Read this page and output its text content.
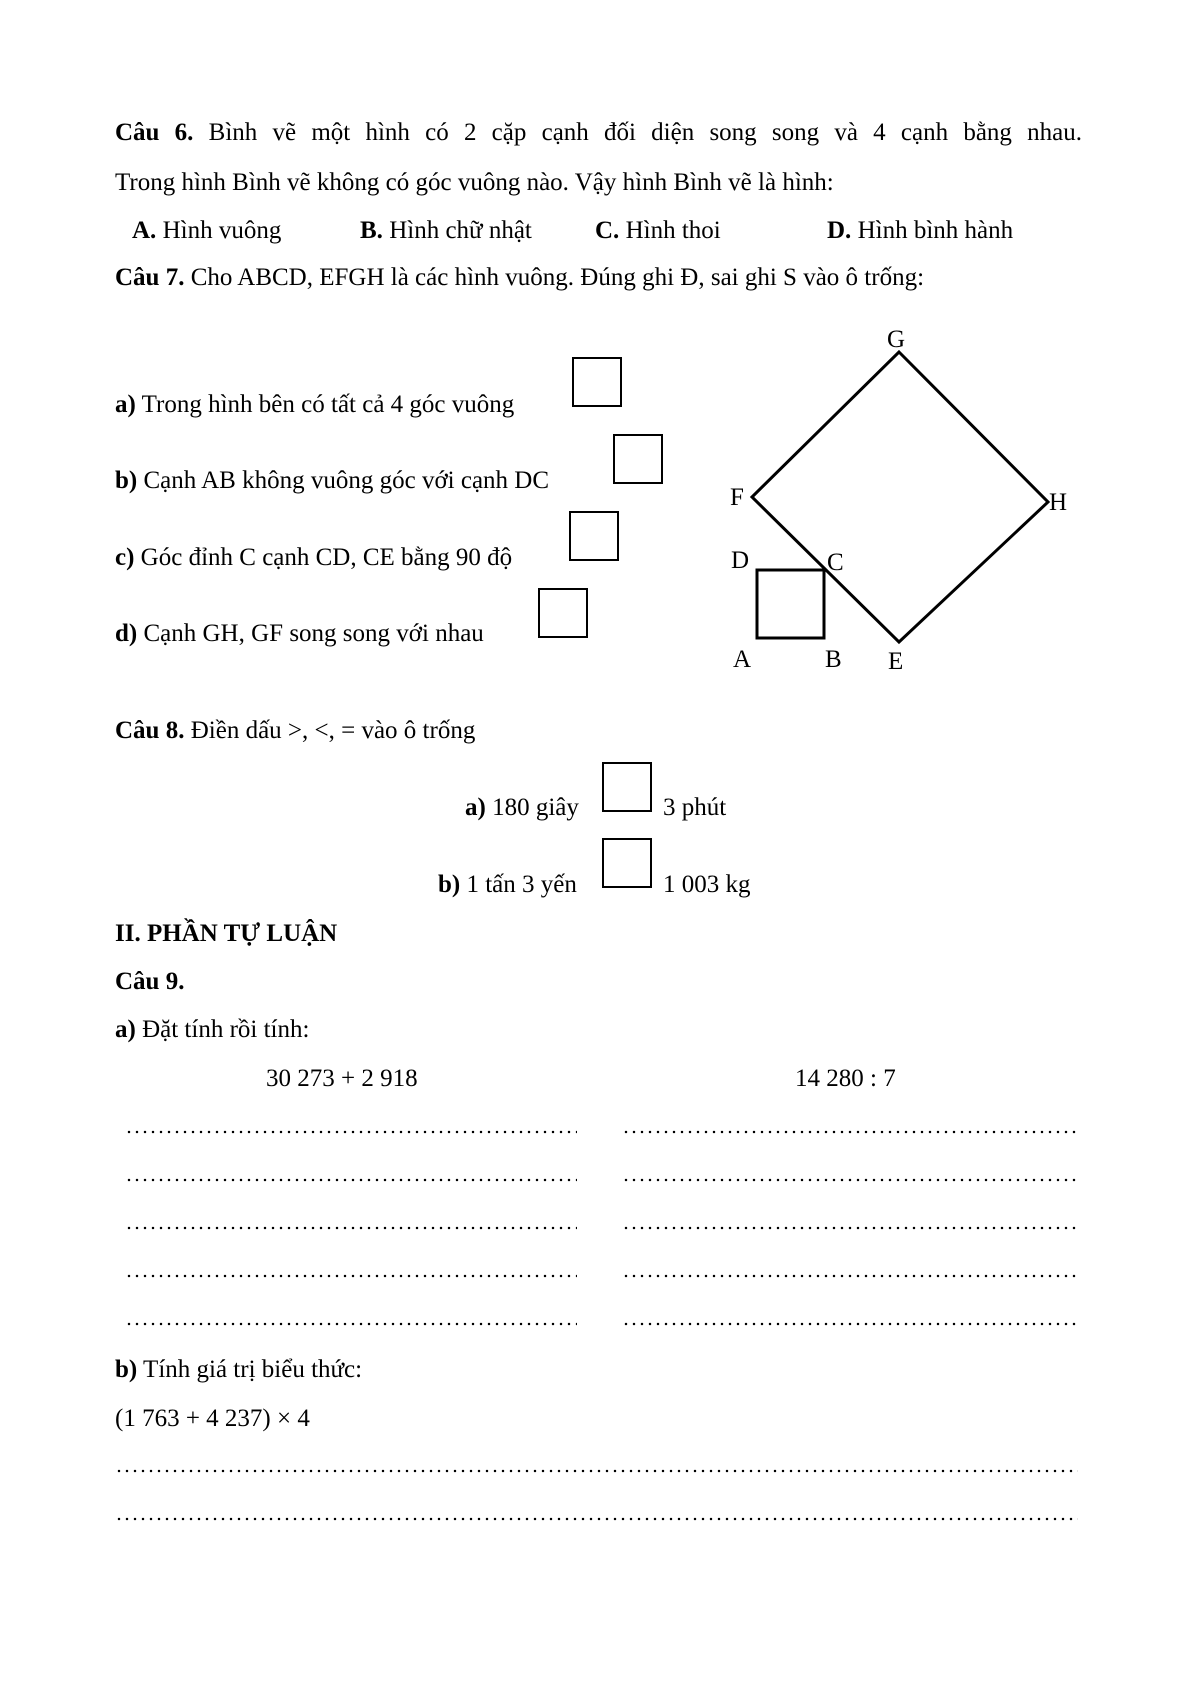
Câu 6. Bình vẽ một hình có 2 cặp cạnh đối diện song song và 4 cạnh bằng nhau.
Trong hình Bình vẽ không có góc vuông nào. Vậy hình Bình vẽ là hình:
A. Hình vuông	B. Hình chữ nhật	C. Hình thoi	D. Hình bình hành
Câu 7. Cho ABCD, EFGH là các hình vuông. Đúng ghi Đ, sai ghi S vào ô trống:
a) Trong hình bên có tất cả 4 góc vuông
b) Cạnh AB không vuông góc với cạnh DC
c) Góc đỉnh C cạnh CD, CE bằng 90 độ
d) Cạnh GH, GF song song với nhau
G
H
F
D	C
A	B E
Câu 8. Điền dấu >, <, = vào ô trống
a) 180 giây	3 phút
b) 1 tấn 3 yến	1 003 kg
II. PHẦN TỰ LUẬN
Câu 9.
a) Đặt tính rồi tính:
30 273 + 2 918	14 280 : 7
b) Tính giá trị biểu thức:
(1 763 + 4 237) × 4
